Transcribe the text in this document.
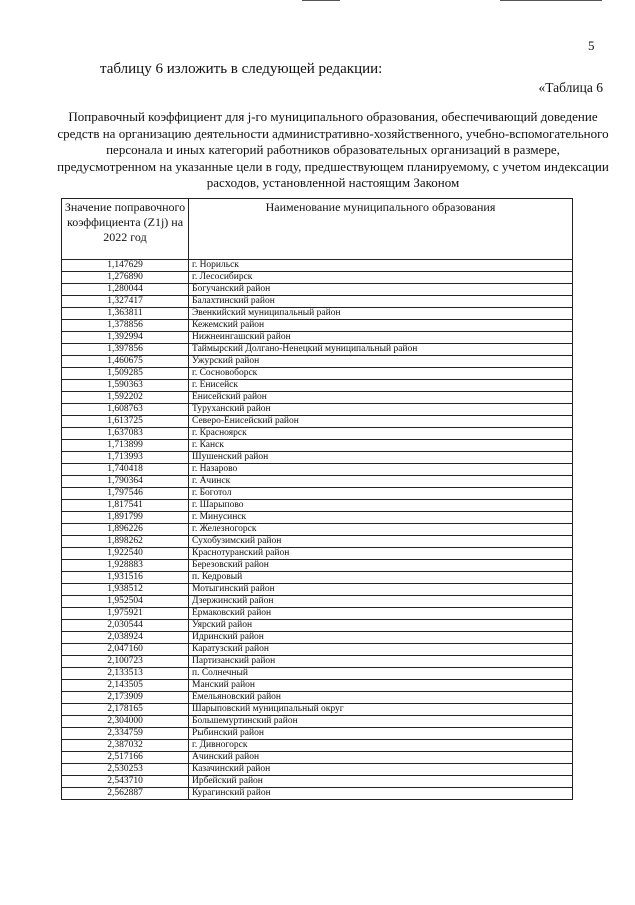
5
таблицу 6 изложить в следующей редакции:
«Таблица 6
Поправочный коэффициент для j-го муниципального образования, обеспечивающий доведение средств на организацию деятельности административно-хозяйственного, учебно-вспомогательного персонала и иных категорий работников образовательных организаций в размере, предусмотренном на указанные цели в году, предшествующем планируемому, с учетом индексации расходов, установленной настоящим Законом
Значение поправочного коэффициента (Z1j) на 2022 год	Наименование муниципального образования
1,147629	г. Норильск
1,276890	г. Лесосибирск
1,280044	Богучанский район
1,327417	Балахтинский район
1,363811	Эвенкийский муниципальный район
1,378856	Кежемский район
1,392994	Нижнеингашский район
1,397856	Таймырский Долгано-Ненецкий муниципальный район
1,460675	Ужурский район
1,509285	г. Сосновоборск
1,590363	г. Енисейск
1,592202	Енисейский район
1,608763	Туруханский район
1,613725	Северо-Енисейский район
1,637083	г. Красноярск
1,713899	г. Канск
1,713993	Шушенский район
1,740418	г. Назарово
1,790364	г. Ачинск
1,797546	г. Боготол
1,817541	г. Шарыпово
1,891799	г. Минусинск
1,896226	г. Железногорск
1,898262	Сухобузимский район
1,922540	Краснотуранский район
1,928883	Березовский район
1,931516	п. Кедровый
1,938512	Мотыгинский район
1,952504	Дзержинский район
1,975921	Ермаковский район
2,030544	Уярский район
2,038924	Идринский район
2,047160	Каратузский район
2,100723	Партизанский район
2,133513	п. Солнечный
2,143505	Манский район
2,173909	Емельяновский район
2,178165	Шарыповский муниципальный округ
2,304000	Большемуртинский район
2,334759	Рыбинский район
2,387032	г. Дивногорск
2,517166	Ачинский район
2,530253	Казачинский район
2,543710	Ирбейский район
2,562887	Курагинский район
